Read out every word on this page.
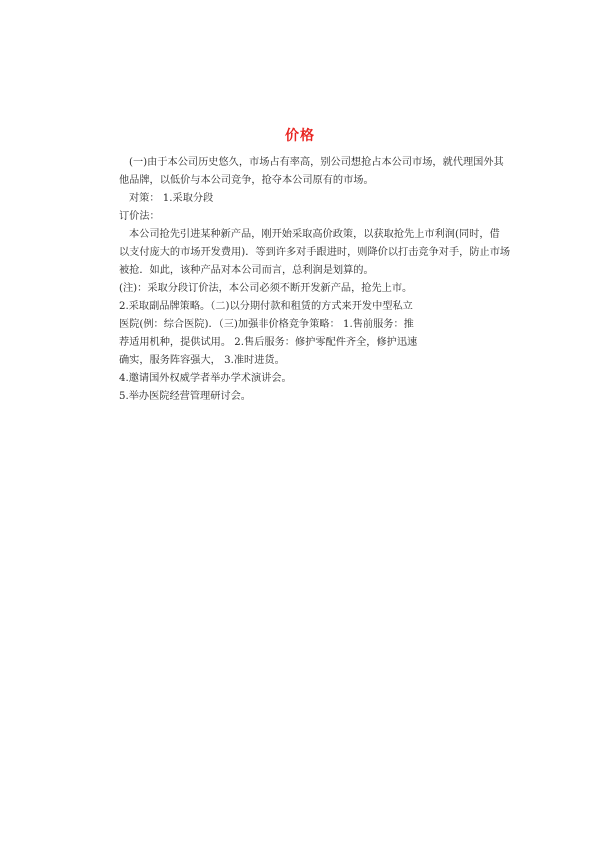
价格
(一)由于本公司历史悠久，市场占有率高，别公司想抢占本公司市场，就代理国外其
他品牌，以低价与本公司竞争，抢夺本公司原有的市场。
对策： 1.采取分段
订价法：
本公司抢先引进某种新产品，刚开始采取高价政策，以获取抢先上市利润(同时，借
以支付庞大的市场开发费用)．等到许多对手跟进时，则降价以打击竞争对手，防止市场
被抢．如此，该种产品对本公司而言，总利润是划算的。
(注)：采取分段订价法，本公司必须不断开发新产品，抢先上市。
2.采取副品牌策略。（二)以分期付款和租赁的方式来开发中型私立
医院(例：综合医院)．（三)加强非价格竞争策略： 1.售前服务：推
荐适用机种，提供试用。 2.售后服务：修护零配件齐全，修护迅速
确实，服务阵容强大， 3.准时进货。
4.邀请国外权威学者举办学术演讲会。
5.举办医院经营管理研讨会。
